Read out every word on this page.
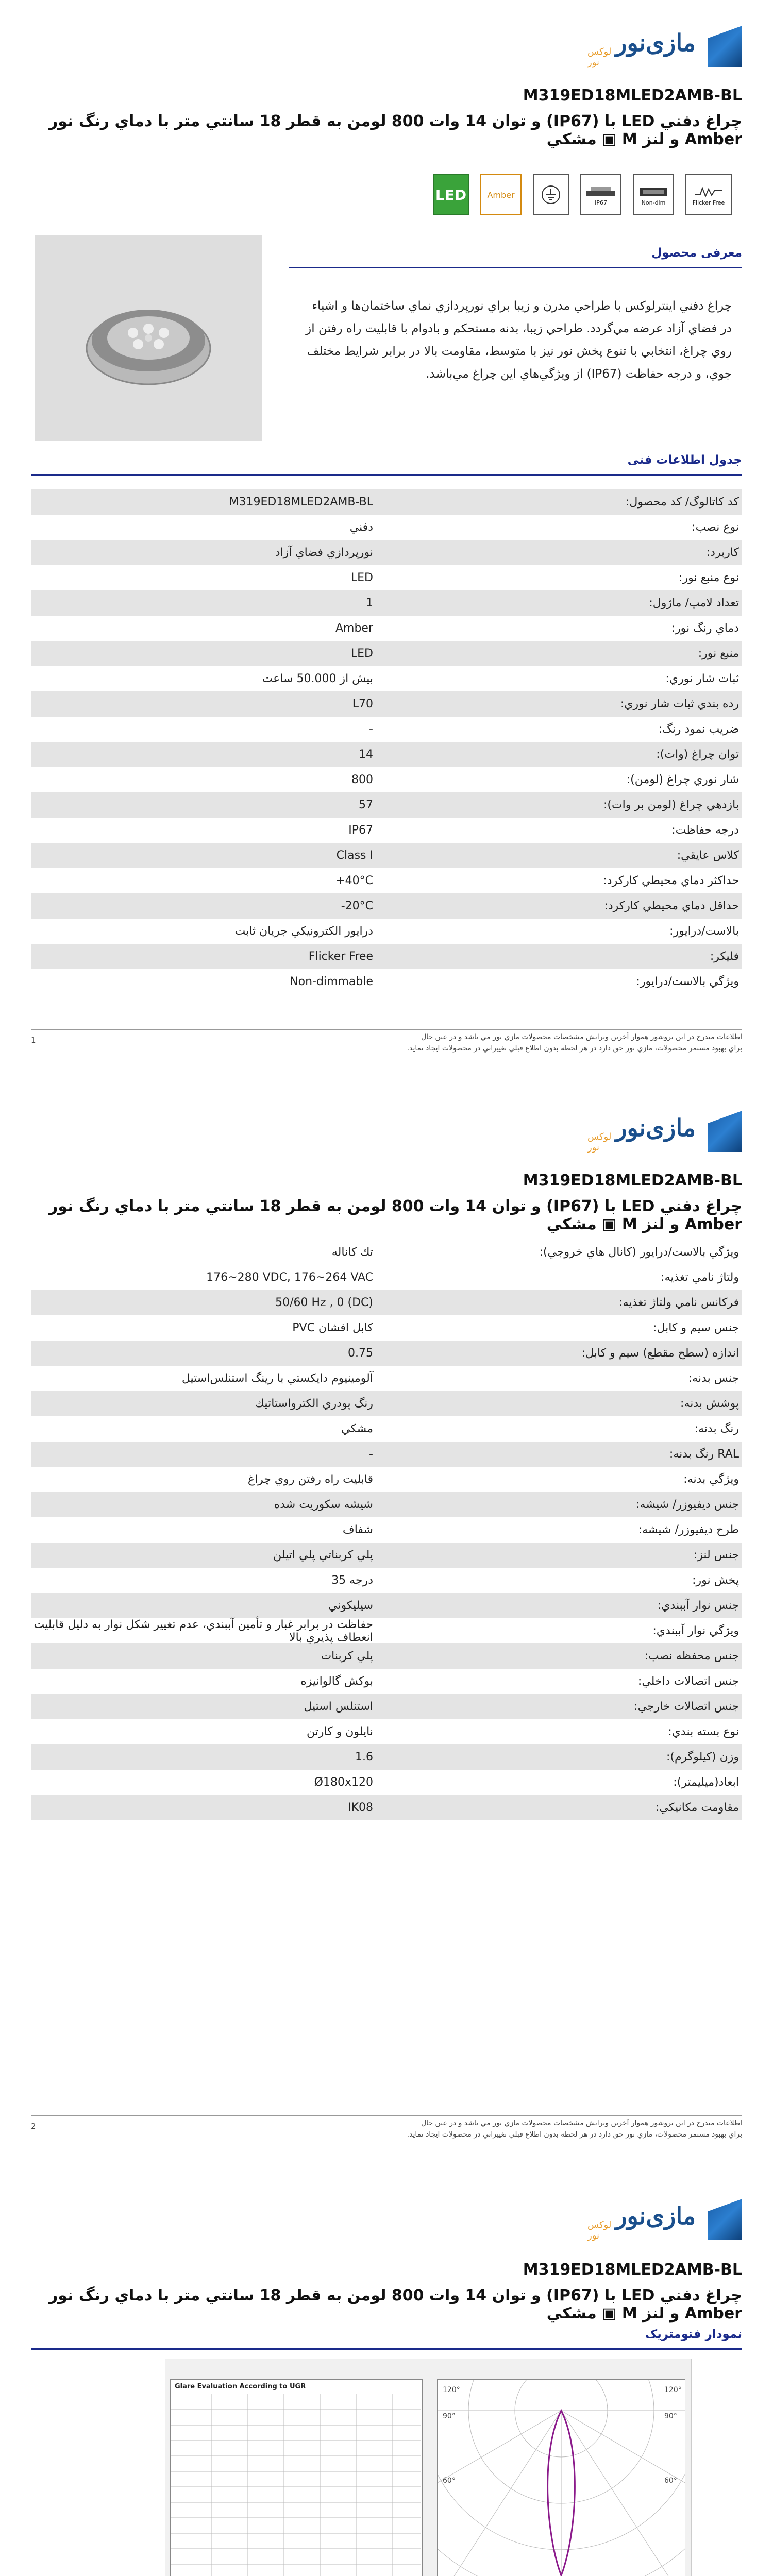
مازی‌نور
لوکس نور
M319ED18MLED2AMB-BL
چراغ دفني LED با (IP67) و توان 14 وات 800 لومن به قطر 18 سانتي متر با دماي رنگ نور Amber و لنز M ▣ مشكي
LED	Amber
IP67	Non-dim	Flicker Free
معرفی محصول
چراغ دفني اينترلوكس با طراحي مدرن و زيبا براي نورپردازي نماي ساختمان‌ها و اشياء در فضاي آزاد عرضه مي‌گردد. طراحي زيبا، بدنه مستحكم و بادوام با قابليت راه رفتن از روي چراغ، انتخابي با تنوع پخش نور نيز با متوسط، مقاومت بالا در برابر شرايط مختلف جوي، و درجه حفاظت (IP67) از ويژگي‌هاي اين چراغ مي‌باشد.
جدول اطلاعات فنی
کد کاتالوگ/ کد محصول:
M319ED18MLED2AMB-BL
نوع نصب:
دفني
کاربرد:
نورپردازي فضاي آزاد
نوع منبع نور:
LED
تعداد لامپ/ ماژول:
1
دماي رنگ نور:
Amber
منبع نور:
LED
ثبات شار نوري:
بيش از 50.000 ساعت
رده بندي ثبات شار نوري:
L70
ضريب نمود رنگ:
-
توان چراغ (وات):
14
شار نوري چراغ (لومن):
800
بازدهي چراغ (لومن بر وات):
57
درجه حفاظت:
IP67
كلاس عايقي:
Class I
حداكثر دماي محيطي كاركرد:
+40°C
حداقل دماي محيطي كاركرد:
-20°C
بالاست/درايور:
درايور الكترونيكي جريان ثابت
فليكر:
Flicker Free
ويژگي بالاست/درايور:
Non-dimmable
1	اطلاعات مندرج در اين بروشور هموار آخرين ويرايش مشخصات محصولات مازي نور مي باشد و در عين حال
براي بهبود مستمر محصولات، مازي نور حق دارد در هر لحظه بدون اطلاع قبلي تغييراتي در محصولات ايجاد نمايد.
مازی‌نور
لوکس نور
M319ED18MLED2AMB-BL
چراغ دفني LED با (IP67) و توان 14 وات 800 لومن به قطر 18 سانتي متر با دماي رنگ نور Amber و لنز M ▣ مشكي
ويژگي بالاست/درايور (كانال هاي خروجي):
تك كاناله
ولتاژ نامي تغذيه:
176~280 VDC, 176~264 VAC
فركانس نامي ولتاژ تغذيه:
50/60 Hz , 0 (DC)
جنس سيم و كابل:
كابل افشان PVC
اندازه (سطح مقطع) سيم و كابل:
0.75
جنس بدنه:
آلومينيوم دايكستي با رينگ استنلس‌استيل
پوشش بدنه:
رنگ پودري الكترواستاتيك
رنگ بدنه:
مشكي
RAL رنگ بدنه:
-
ويژگي بدنه:
قابليت راه رفتن روي چراغ
جنس ديفيوزر/ شيشه:
شيشه سكوريت شده
طرح ديفيوزر/ شيشه:
شفاف
جنس لنز:
پلي كربناتي پلي اتيلن
پخش نور:
درجه 35
جنس نوار آببندي:
سيليكوني
ويژگي نوار آببندي:
حفاظت در برابر غبار و تأمين آببندي، عدم تغيير شكل نوار به دليل قابليت انعطاف پذيري بالا
جنس محفظه نصب:
پلي كربنات
جنس اتصالات داخلي:
بوكش گالوانيزه
جنس اتصالات خارجي:
استنلس استيل
نوع بسته بندي:
نايلون و كارتن
وزن (كيلوگرم):
1.6
ابعاد(ميليمتر):
Ø180x120
مقاومت مكانيكي:
IK08
2	اطلاعات مندرج در اين بروشور هموار آخرين ويرايش مشخصات محصولات مازي نور مي باشد و در عين حال
براي بهبود مستمر محصولات، مازي نور حق دارد در هر لحظه بدون اطلاع قبلي تغييراتي در محصولات ايجاد نمايد.
مازی‌نور
لوکس نور
M319ED18MLED2AMB-BL
چراغ دفني LED با (IP67) و توان 14 وات 800 لومن به قطر 18 سانتي متر با دماي رنگ نور Amber و لنز M ▣ مشكي
نمودار فتومتریک
Glare Evaluation According to UGR	120°	120°
90°	90°
60°	60°
